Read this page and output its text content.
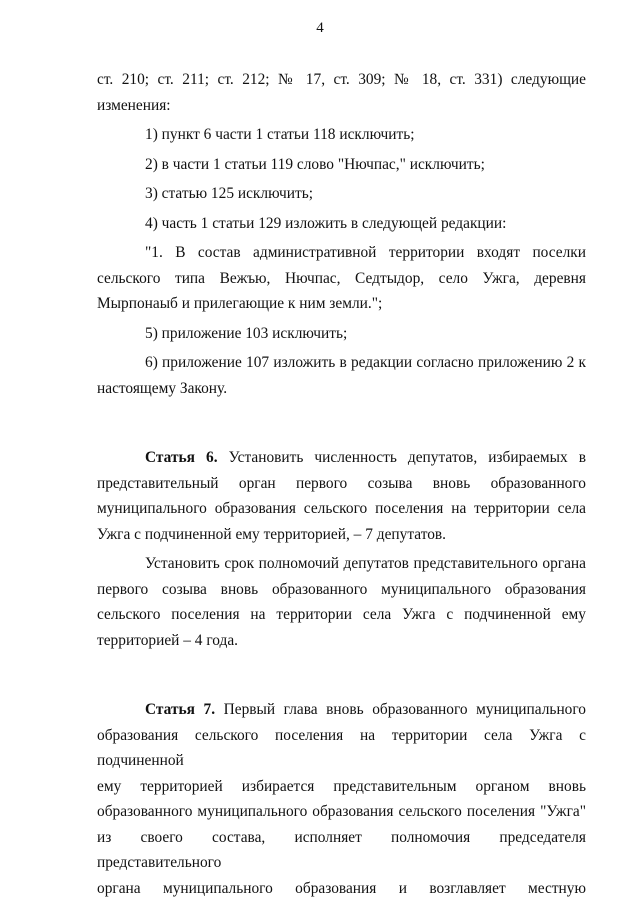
4

ст. 210; ст. 211; ст. 212; № 17, ст. 309; № 18, ст. 331) следующие

изменения:

1) пункт 6 части 1 статьи 118 исключить;

2) в части 1 статьи 119 слово "Нючпас," исключить;

3) статью 125 исключить;

4) часть 1 статьи 129 изложить в следующей редакции:

"1. В состав административной территории входят поселки

сельского типа Вежъю, Нючпас, Седтыдор, село Ужга, деревня

Мырпонаыб и прилегающие к ним земли.";

5) приложение 103 исключить;

6) приложение 107 изложить в редакции согласно приложению 2 к

настоящему Закону.

Статья 6. Установить численность депутатов, избираемых в

представительный орган первого созыва вновь образованного

муниципального образования сельского поселения на территории села

Ужга с подчиненной ему территорией, – 7 депутатов.

Установить срок полномочий депутатов представительного органа

первого созыва вновь образованного муниципального образования

сельского поселения на территории села Ужга с подчиненной ему

территорией – 4 года.

Статья 7. Первый глава вновь образованного муниципального

образования сельского поселения на территории села Ужга с подчиненной

ему территорией избирается представительным органом вновь

образованного муниципального образования сельского поселения "Ужга"

из своего состава, исполняет полномочия председателя представительного

органа муниципального образования и возглавляет местную
